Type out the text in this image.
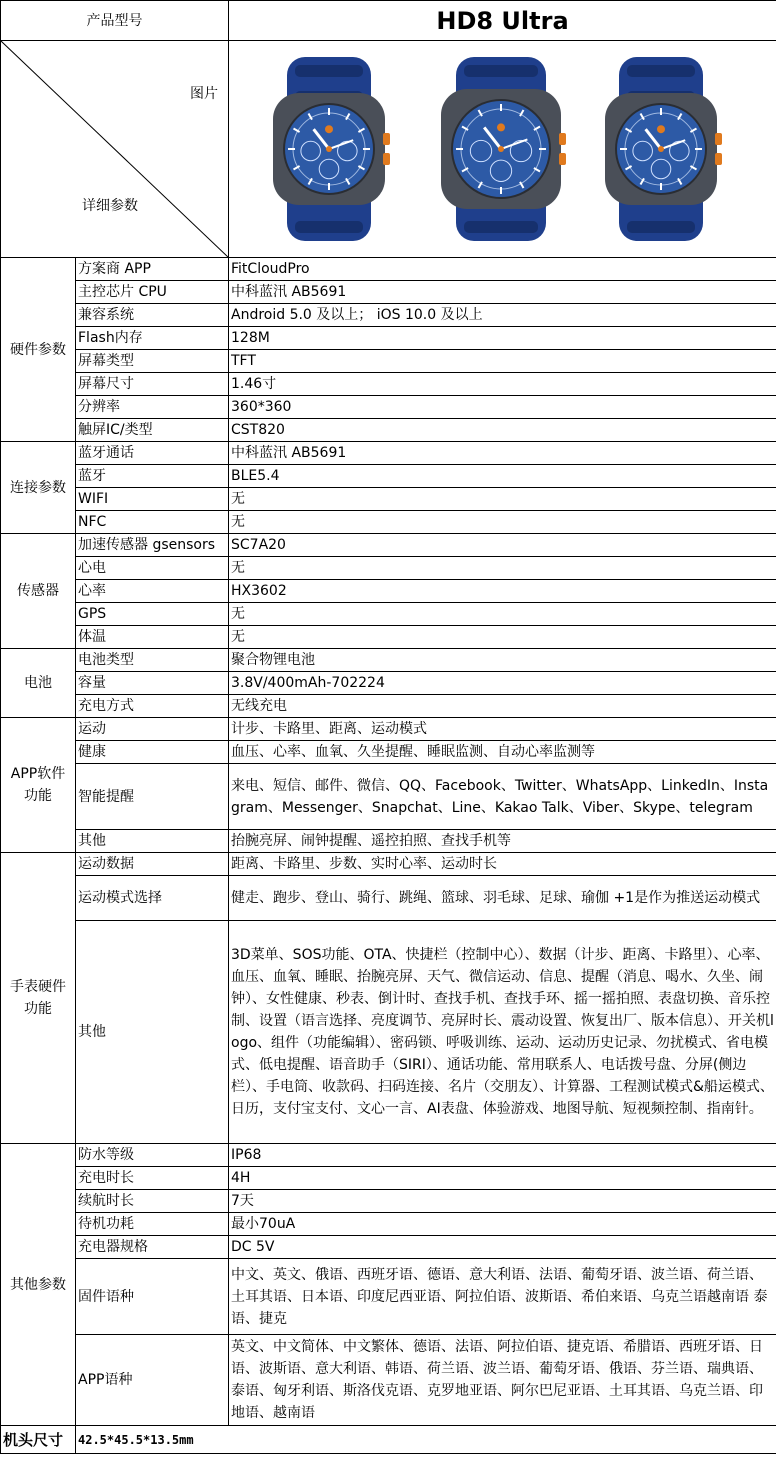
产品型号		HD8 Ultra

图片
详细参数

硬件参数	方案商 APP	FitCloudPro
	主控芯片 CPU	中科蓝汛 AB5691
	兼容系统	Android 5.0 及以上； iOS 10.0 及以上
	Flash内存	128M
	屏幕类型	TFT
	屏幕尺寸	1.46寸
	分辨率	360*360
	触屏IC/类型	CST820
连接参数	蓝牙通话	中科蓝汛 AB5691
	蓝牙	BLE5.4
	WIFI	无
	NFC	无
传感器	加速传感器 gsensors	SC7A20
	心电	无
	心率	HX3602
	GPS	无
	体温	无
电池	电池类型	聚合物锂电池
	容量	3.8V/400mAh-702224
	充电方式	无线充电
APP软件
功能	运动	计步、卡路里、距离、运动模式
	健康	血压、心率、血氧、久坐提醒、睡眠监测、自动心率监测等
	智能提醒	来电、短信、邮件、微信、QQ、Facebook、Twitter、WhatsApp、LinkedIn、Instagram、Messenger、Snapchat、Line、Kakao Talk、Viber、Skype、telegram
	其他	抬腕亮屏、闹钟提醒、遥控拍照、查找手机等
手表硬件
功能	运动数据	距离、卡路里、步数、实时心率、运动时长
	运动模式选择	健走、跑步、登山、骑行、跳绳、篮球、羽毛球、足球、瑜伽 +1是作为推送运动模式
	其他	3D菜单、SOS功能、OTA、快捷栏（控制中心）、数据（计步、距离、卡路里）、心率、血压、血氧、睡眠、抬腕亮屏、天气、微信运动、信息、提醒（消息、喝水、久坐、闹钟）、女性健康、秒表、倒计时、查找手机、查找手环、摇一摇拍照、表盘切换、音乐控制、设置（语言选择、亮度调节、亮屏时长、震动设置、恢复出厂、版本信息）、开关机logo、组件（功能编辑）、密码锁、呼吸训练、运动、运动历史记录、勿扰模式、省电模式、低电提醒、语音助手（SIRI）、通话功能、常用联系人、电话拨号盘、分屏(侧边栏）、手电筒、收款码、扫码连接、名片（交朋友）、计算器、工程测试模式&船运模式、日历，支付宝支付、文心一言、AI表盘、体验游戏、地图导航、短视频控制、指南针。
其他参数	防水等级	IP68
	充电时长	4H
	续航时长	7天
	待机功耗	最小70uA
	充电器规格	DC 5V
	固件语种	中文、英文、俄语、西班牙语、德语、意大利语、法语、葡萄牙语、波兰语、荷兰语、土耳其语、日本语、印度尼西亚语、阿拉伯语、波斯语、希伯来语、乌克兰语越南语 泰语、捷克
	APP语种	英文、中文简体、中文繁体、德语、法语、阿拉伯语、捷克语、希腊语、西班牙语、日语、波斯语、意大利语、韩语、荷兰语、波兰语、葡萄牙语、俄语、芬兰语、瑞典语、泰语、匈牙利语、斯洛伐克语、克罗地亚语、阿尔巴尼亚语、土耳其语、乌克兰语、印地语、越南语
机头尺寸	42.5*45.5*13.5mm	
